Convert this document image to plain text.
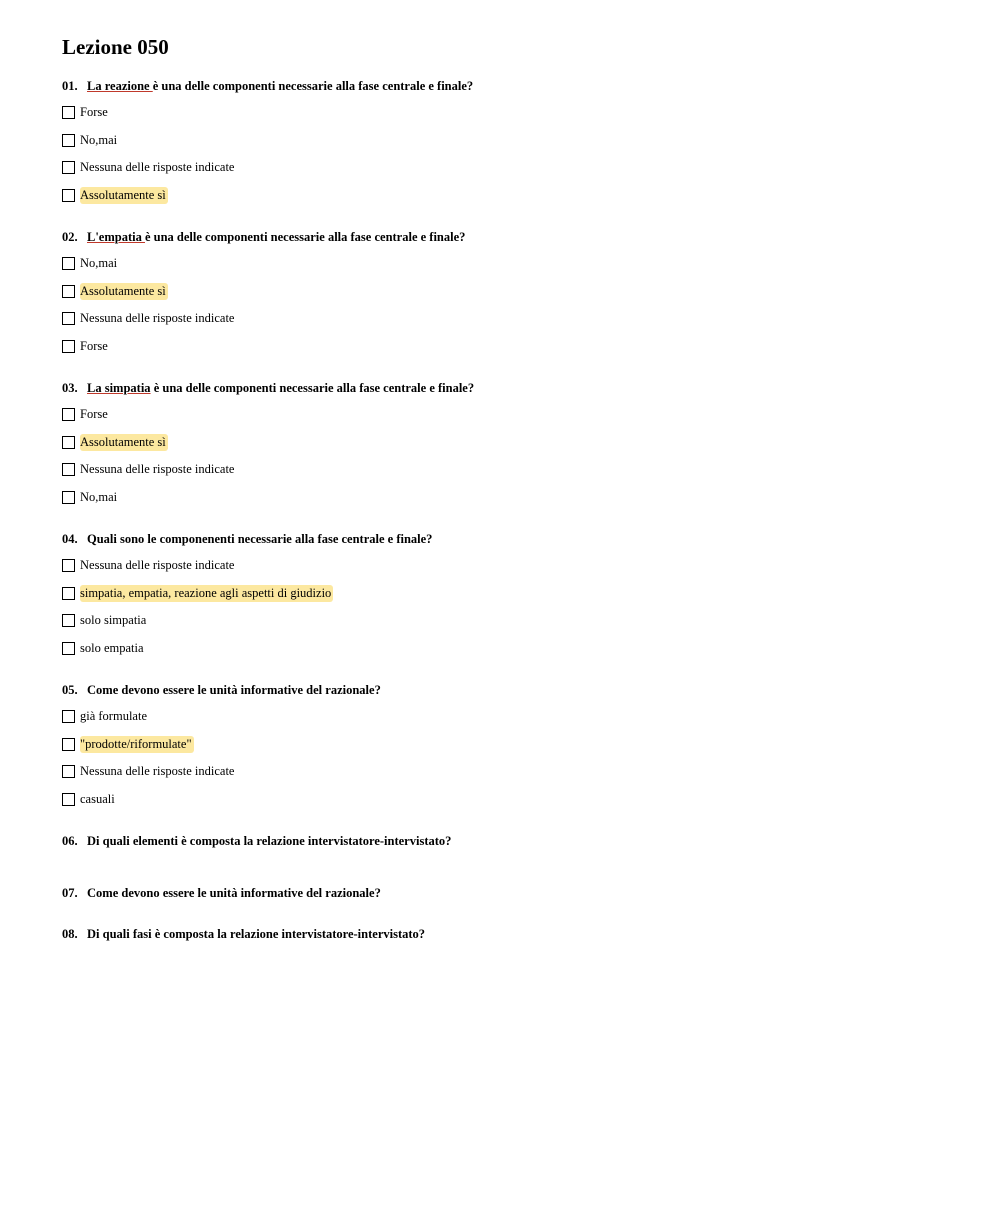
Lezione 050
01. La reazione è una delle componenti necessarie alla fase centrale e finale?
Forse
No,mai
Nessuna delle risposte indicate
Assolutamente sì
02. L'empatia è una delle componenti necessarie alla fase centrale e finale?
No,mai
Assolutamente sì
Nessuna delle risposte indicate
Forse
03. La simpatia è una delle componenti necessarie alla fase centrale e finale?
Forse
Assolutamente sì
Nessuna delle risposte indicate
No,mai
04. Quali sono le componenenti necessarie alla fase centrale e finale?
Nessuna delle risposte indicate
simpatia, empatia, reazione agli aspetti di giudizio
solo simpatia
solo empatia
05. Come devono essere le unità informative del razionale?
già formulate
"prodotte/riformulate"
Nessuna delle risposte indicate
casuali
06. Di quali elementi è composta la relazione intervistatore-intervistato?
07. Come devono essere le unità informative del razionale?
08. Di quali fasi è composta la relazione intervistatore-intervistato?
